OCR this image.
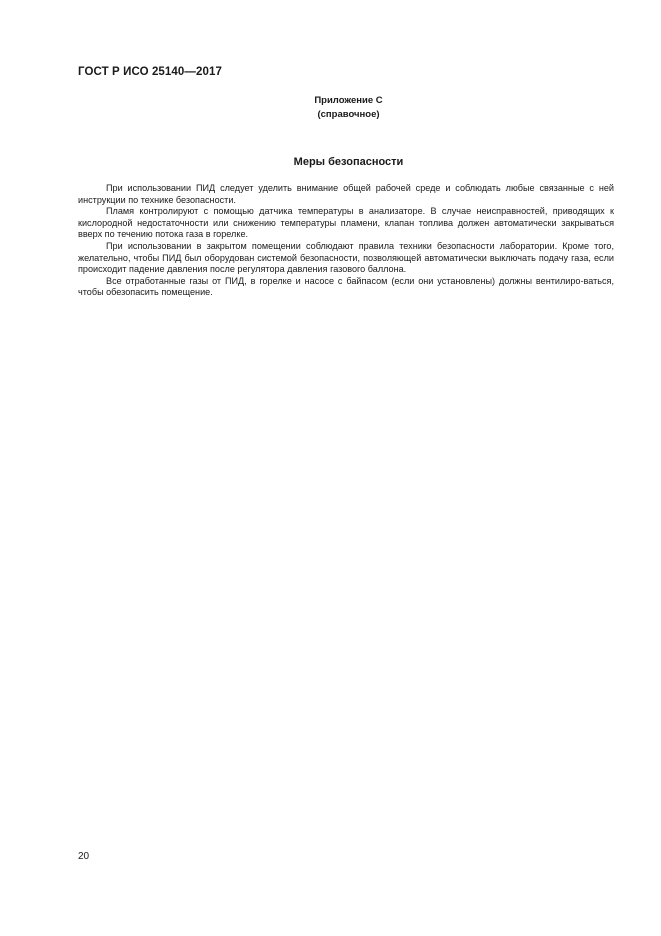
ГОСТ Р ИСО 25140—2017
Приложение С
(справочное)
Меры безопасности

При использовании ПИД следует уделить внимание общей рабочей среде и соблюдать любые связанные с ней инструкции по технике безопасности.

Пламя контролируют с помощью датчика температуры в анализаторе. В случае неисправностей, приводящих к кислородной недостаточности или снижению температуры пламени, клапан топлива должен автоматически закрываться вверх по течению потока газа в горелке.

При использовании в закрытом помещении соблюдают правила техники безопасности лаборатории. Кроме того, желательно, чтобы ПИД был оборудован системой безопасности, позволяющей автоматически выключать подачу газа, если происходит падение давления после регулятора давления газового баллона.

Все отработанные газы от ПИД, в горелке и насосе с байпасом (если они установлены) должны вентилиро-ваться, чтобы обезопасить помещение.

20
